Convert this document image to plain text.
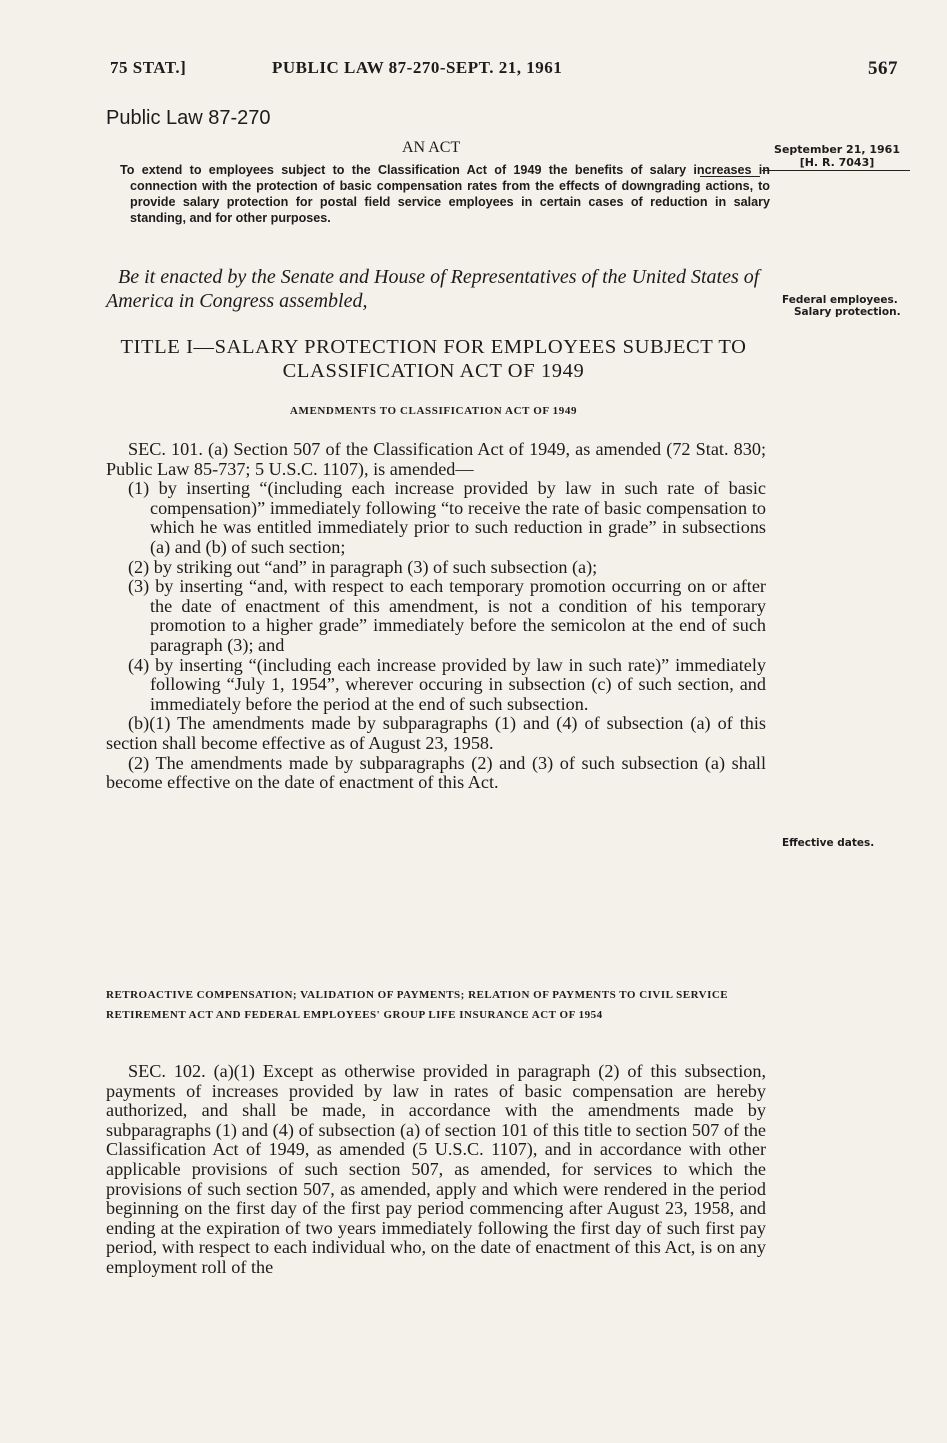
75 STAT.]	PUBLIC LAW 87-270-SEPT. 21, 1961	567
Public Law 87-270
AN ACT
To extend to employees subject to the Classification Act of 1949 the benefits of salary increases in connection with the protection of basic compensation rates from the effects of downgrading actions, to provide salary protection for postal field service employees in certain cases of reduction in salary standing, and for other purposes.
September 21, 1961
[H. R. 7043]
Be it enacted by the Senate and House of Representatives of the United States of America in Congress assembled,	Federal employees.
Salary protection.
TITLE I—SALARY PROTECTION FOR EMPLOYEES SUBJECT TO CLASSIFICATION ACT OF 1949
AMENDMENTS TO CLASSIFICATION ACT OF 1949

SEC. 101. (a) Section 507 of the Classification Act of 1949, as amended (72 Stat. 830; Public Law 85-737; 5 U.S.C. 1107), is amended—

(1) by inserting “(including each increase provided by law in such rate of basic compensation)” immediately following “to receive the rate of basic compensation to which he was entitled immediately prior to such reduction in grade” in subsections (a) and (b) of such section;

(2) by striking out “and” in paragraph (3) of such subsection (a);

(3) by inserting “and, with respect to each temporary promotion occurring on or after the date of enactment of this amendment, is not a condition of his temporary promotion to a higher grade” immediately before the semicolon at the end of such paragraph (3); and

(4) by inserting “(including each increase provided by law in such rate)” immediately following “July 1, 1954”, wherever occuring in subsection (c) of such section, and immediately before the period at the end of such subsection.

(b)(1) The amendments made by subparagraphs (1) and (4) of subsection (a) of this section shall become effective as of August 23, 1958.

(2) The amendments made by subparagraphs (2) and (3) of such subsection (a) shall become effective on the date of enactment of this Act.

Effective dates.
RETROACTIVE COMPENSATION; VALIDATION OF PAYMENTS; RELATION OF PAYMENTS TO CIVIL SERVICE RETIREMENT ACT AND FEDERAL EMPLOYEES' GROUP LIFE INSURANCE ACT OF 1954

SEC. 102. (a)(1) Except as otherwise provided in paragraph (2) of this subsection, payments of increases provided by law in rates of basic compensation are hereby authorized, and shall be made, in accordance with the amendments made by subparagraphs (1) and (4) of subsection (a) of section 101 of this title to section 507 of the Classification Act of 1949, as amended (5 U.S.C. 1107), and in accordance with other applicable provisions of such section 507, as amended, for services to which the provisions of such section 507, as amended, apply and which were rendered in the period beginning on the first day of the first pay period commencing after August 23, 1958, and ending at the expiration of two years immediately following the first day of such first pay period, with respect to each individual who, on the date of enactment of this Act, is on any employment roll of the
